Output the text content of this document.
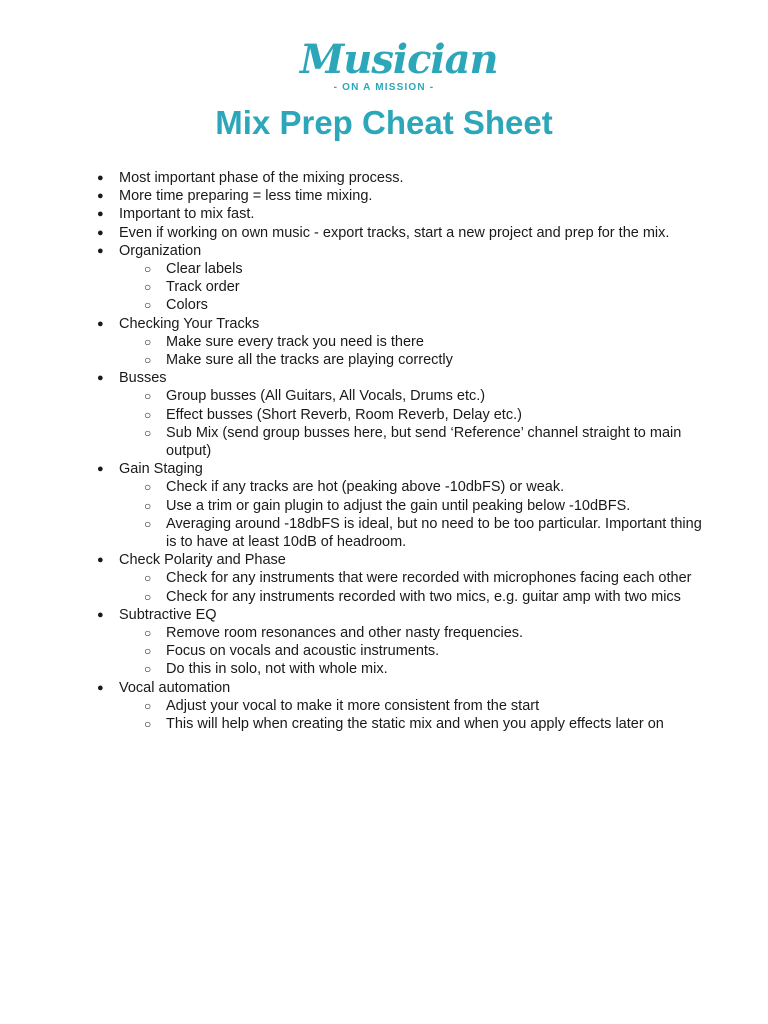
Musician
- ON A MISSION -
Mix Prep Cheat Sheet
● Most important phase of the mixing process.
● More time preparing = less time mixing.
● Important to mix fast.
● Even if working on own music - export tracks, start a new project and prep for the mix.
● Organization
○ Clear labels
○ Track order
○ Colors
● Checking Your Tracks
○ Make sure every track you need is there
○ Make sure all the tracks are playing correctly
● Busses
○ Group busses (All Guitars, All Vocals, Drums etc.)
○ Effect busses (Short Reverb, Room Reverb, Delay etc.)
○ Sub Mix (send group busses here, but send ‘Reference’ channel straight to main output)
● Gain Staging
○ Check if any tracks are hot (peaking above -10dbFS) or weak.
○ Use a trim or gain plugin to adjust the gain until peaking below -10dBFS.
○ Averaging around -18dbFS is ideal, but no need to be too particular. Important thing is to have at least 10dB of headroom.
● Check Polarity and Phase
○ Check for any instruments that were recorded with microphones facing each other
○ Check for any instruments recorded with two mics, e.g. guitar amp with two mics
● Subtractive EQ
○ Remove room resonances and other nasty frequencies.
○ Focus on vocals and acoustic instruments.
○ Do this in solo, not with whole mix.
● Vocal automation
○ Adjust your vocal to make it more consistent from the start
○ This will help when creating the static mix and when you apply effects later on
